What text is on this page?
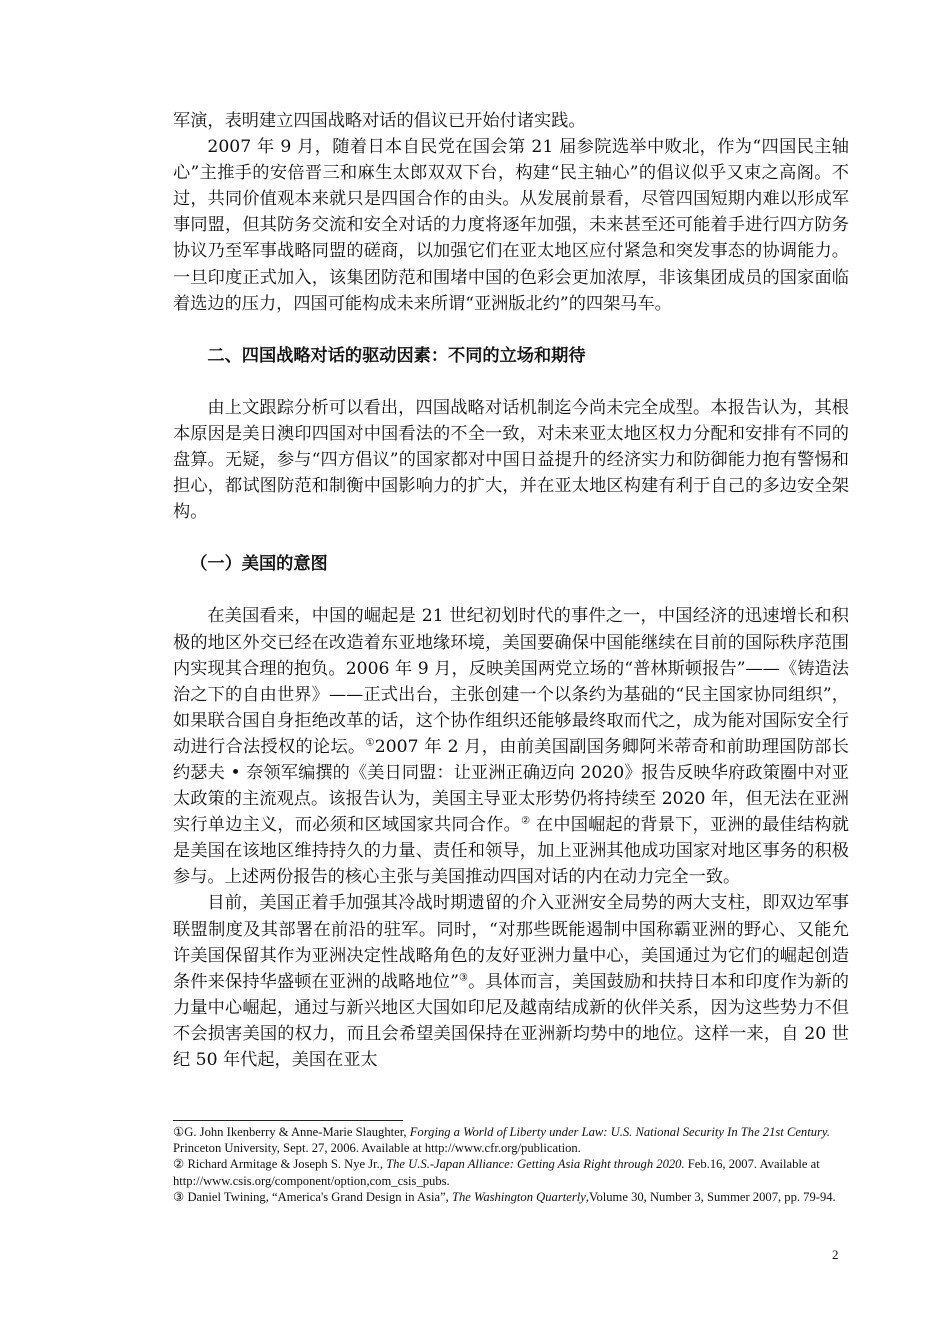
军演，表明建立四国战略对话的倡议已开始付诸实践。

2007 年 9 月，随着日本自民党在国会第 21 届参院选举中败北，作为“四国民主轴心”主推手的安倍晋三和麻生太郎双双下台，构建“民主轴心”的倡议似乎又束之高阁。不过，共同价值观本来就只是四国合作的由头。从发展前景看，尽管四国短期内难以形成军事同盟，但其防务交流和安全对话的力度将逐年加强，未来甚至还可能着手进行四方防务协议乃至军事战略同盟的磋商，以加强它们在亚太地区应付紧急和突发事态的协调能力。一旦印度正式加入，该集团防范和围堵中国的色彩会更加浓厚，非该集团成员的国家面临着选边的压力，四国可能构成未来所谓“亚洲版北约”的四架马车。

二、四国战略对话的驱动因素：不同的立场和期待

由上文跟踪分析可以看出，四国战略对话机制迄今尚未完全成型。本报告认为，其根本原因是美日澳印四国对中国看法的不全一致，对未来亚太地区权力分配和安排有不同的盘算。无疑，参与“四方倡议”的国家都对中国日益提升的经济实力和防御能力抱有警惕和担心，都试图防范和制衡中国影响力的扩大，并在亚太地区构建有利于自己的多边安全架构。

（一）美国的意图

在美国看来，中国的崛起是 21 世纪初划时代的事件之一，中国经济的迅速增长和积极的地区外交已经在改造着东亚地缘环境，美国要确保中国能继续在目前的国际秩序范围内实现其合理的抱负。2006 年 9 月，反映美国两党立场的“普林斯顿报告”——《铸造法治之下的自由世界》——正式出台，主张创建一个以条约为基础的“民主国家协同组织”，如果联合国自身拒绝改革的话，这个协作组织还能够最终取而代之，成为能对国际安全行动进行合法授权的论坛。①2007 年 2 月，由前美国副国务卿阿米蒂奇和前助理国防部长约瑟夫 • 奈领军编撰的《美日同盟：让亚洲正确迈向 2020》报告反映华府政策圈中对亚太政策的主流观点。该报告认为，美国主导亚太形势仍将持续至 2020 年，但无法在亚洲实行单边主义，而必须和区域国家共同合作。② 在中国崛起的背景下，亚洲的最佳结构就是美国在该地区维持持久的力量、责任和领导，加上亚洲其他成功国家对地区事务的积极参与。上述两份报告的核心主张与美国推动四国对话的内在动力完全一致。

目前，美国正着手加强其冷战时期遗留的介入亚洲安全局势的两大支柱，即双边军事联盟制度及其部署在前沿的驻军。同时，“对那些既能遏制中国称霸亚洲的野心、又能允许美国保留其作为亚洲决定性战略角色的友好亚洲力量中心，美国通过为它们的崛起创造条件来保持华盛顿在亚洲的战略地位”③。具体而言，美国鼓励和扶持日本和印度作为新的力量中心崛起，通过与新兴地区大国如印尼及越南结成新的伙伴关系，因为这些势力不但不会损害美国的权力，而且会希望美国保持在亚洲新均势中的地位。这样一来，自 20 世纪 50 年代起，美国在亚太

①G. John Ikenberry & Anne-Marie Slaughter, Forging a World of Liberty under Law: U.S. National Security In The 21st Century. Princeton University, Sept. 27, 2006. Available at http://www.cfr.org/publication.

② Richard Armitage & Joseph S. Nye Jr., The U.S.-Japan Alliance: Getting Asia Right through 2020. Feb.16, 2007. Available at http://www.csis.org/component/option,com_csis_pubs.

③ Daniel Twining, “America's Grand Design in Asia”, The Washington Quarterly,Volume 30, Number 3, Summer 2007, pp. 79-94.

2
